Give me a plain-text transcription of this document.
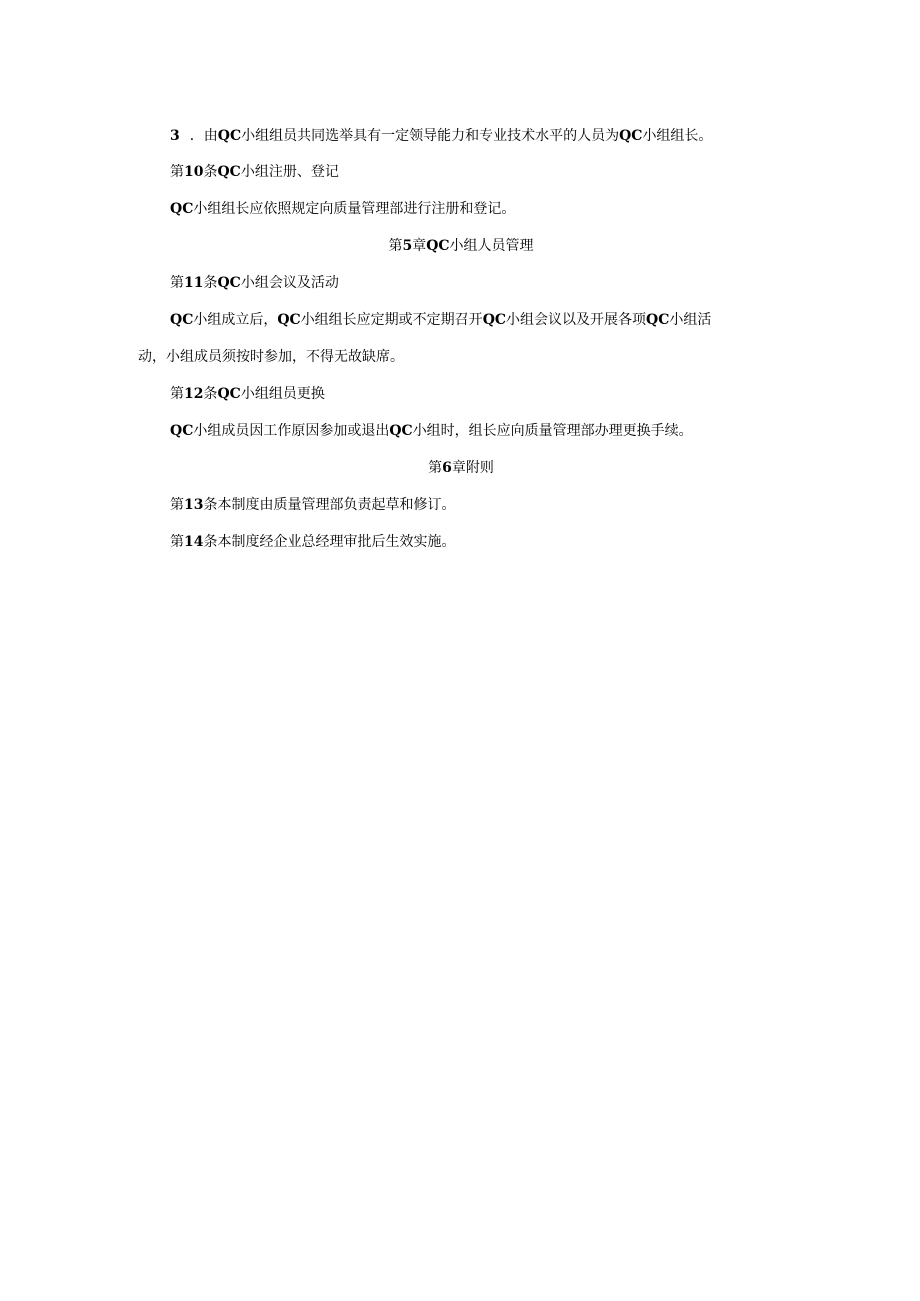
3 ．由QC小组组员共同选举具有一定领导能力和专业技术水平的人员为QC小组组长。
第10条QC小组注册、登记
QC小组组长应依照规定向质量管理部进行注册和登记。
第5章QC小组人员管理
第11条QC小组会议及活动
QC小组成立后，QC小组组长应定期或不定期召开QC小组会议以及开展各项QC小组活
动，小组成员须按时参加，不得无故缺席。
第12条QC小组组员更换
QC小组成员因工作原因参加或退出QC小组时，组长应向质量管理部办理更换手续。
第6章附则
第13条本制度由质量管理部负责起草和修订。
第14条本制度经企业总经理审批后生效实施。
